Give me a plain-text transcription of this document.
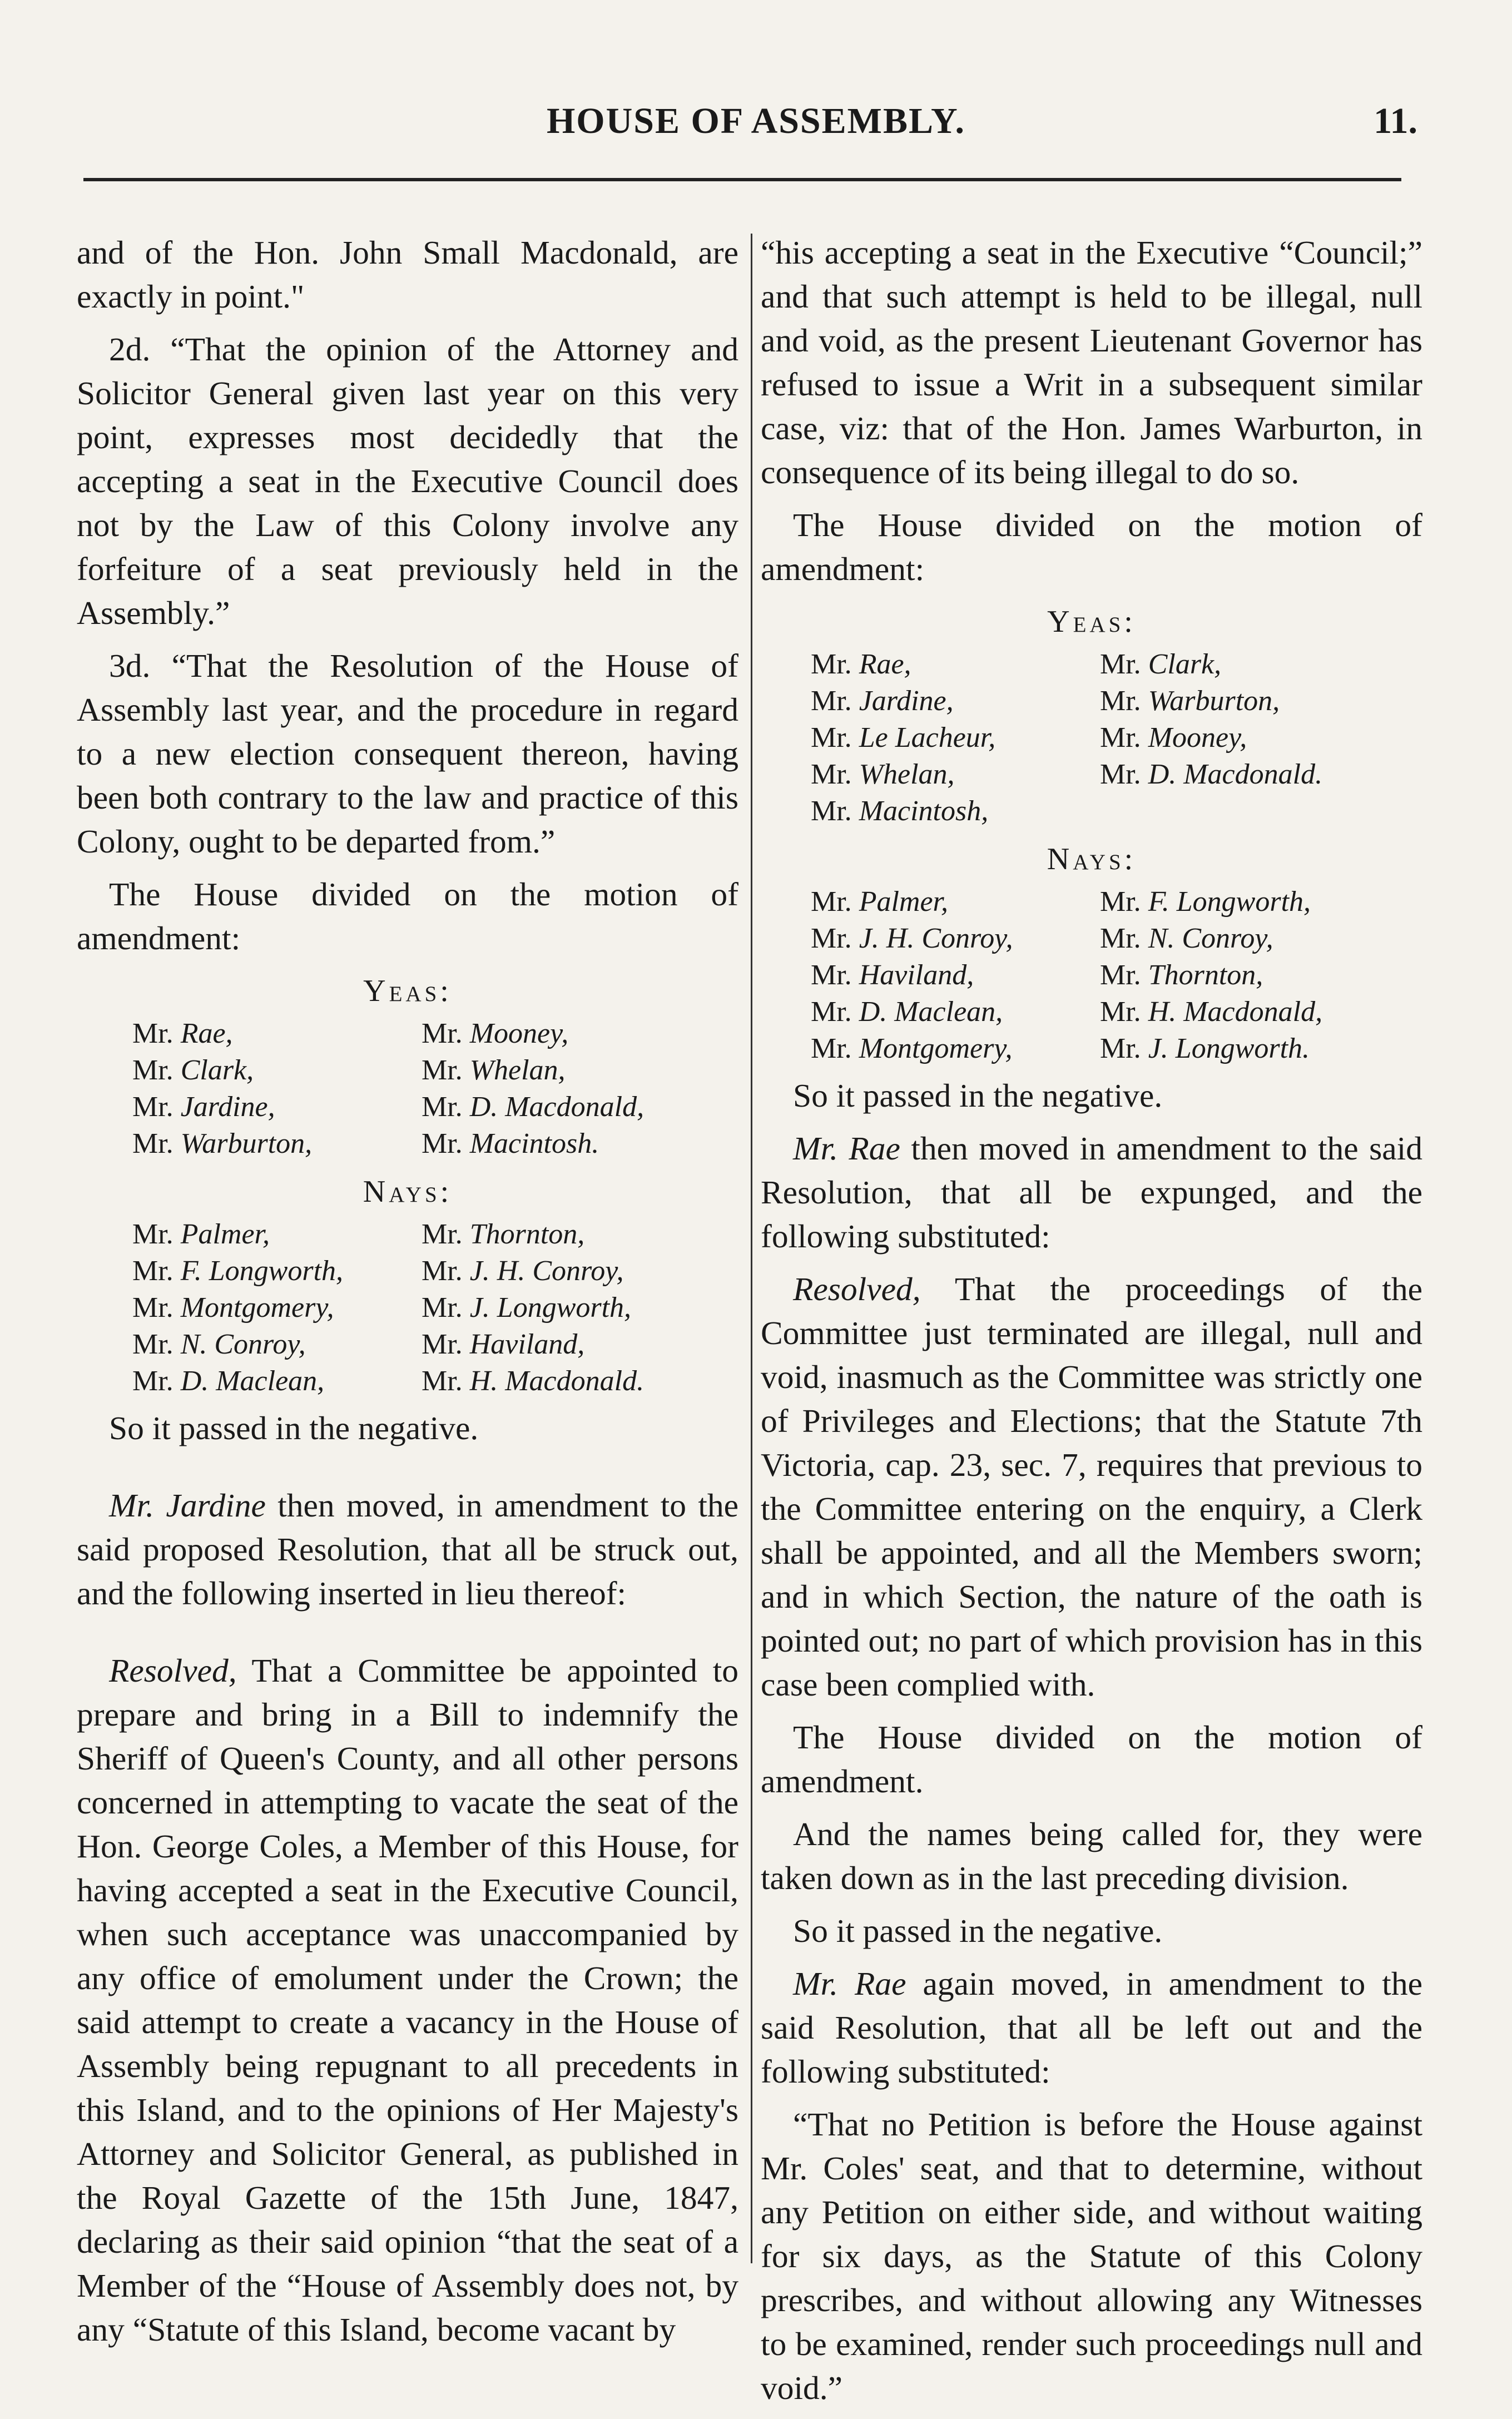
HOUSE OF ASSEMBLY.	11.

and of the Hon. John Small Macdonald, are exactly in point."

2d. “That the opinion of the Attorney and Solicitor General given last year on this very point, expresses most decidedly that the accepting a seat in the Executive Council does not by the Law of this Colony involve any forfeiture of a seat previously held in the Assembly.”

3d. “That the Resolution of the House of Assembly last year, and the procedure in regard to a new election consequent thereon, having been both contrary to the law and practice of this Colony, ought to be departed from.”

The House divided on the motion of amendment:

Yeas:
Mr. Rae,	Mr. Mooney,
Mr. Clark,	Mr. Whelan,
Mr. Jardine,	Mr. D. Macdonald,
Mr. Warburton,	Mr. Macintosh.
Nays:
Mr. Palmer,	Mr. Thornton,
Mr. F. Longworth,	Mr. J. H. Conroy,
Mr. Montgomery,	Mr. J. Longworth,
Mr. N. Conroy,	Mr. Haviland,
Mr. D. Maclean,	Mr. H. Macdonald.

So it passed in the negative.

Mr. Jardine then moved, in amendment to the said proposed Resolution, that all be struck out, and the following inserted in lieu thereof:

Resolved, That a Committee be appointed to prepare and bring in a Bill to indemnify the Sheriff of Queen's County, and all other persons concerned in attempting to vacate the seat of the Hon. George Coles, a Member of this House, for having accepted a seat in the Executive Council, when such acceptance was unaccompanied by any office of emolument under the Crown; the said attempt to create a vacancy in the House of Assembly being repugnant to all precedents in this Island, and to the opinions of Her Majesty's Attorney and Solicitor General, as published in the Royal Gazette of the 15th June, 1847, declaring as their said opinion “that the seat of a Member of the “House of Assembly does not, by any “Statute of this Island, become vacant by

“his accepting a seat in the Executive “Council;” and that such attempt is held to be illegal, null and void, as the present Lieutenant Governor has refused to issue a Writ in a subsequent similar case, viz: that of the Hon. James Warburton, in consequence of its being illegal to do so.

The House divided on the motion of amendment:

Yeas:
Mr. Rae,	Mr. Clark,
Mr. Jardine,	Mr. Warburton,
Mr. Le Lacheur,	Mr. Mooney,
Mr. Whelan,	Mr. D. Macdonald.
Mr. Macintosh,
Nays:
Mr. Palmer,	Mr. F. Longworth,
Mr. J. H. Conroy,	Mr. N. Conroy,
Mr. Haviland,	Mr. Thornton,
Mr. D. Maclean,	Mr. H. Macdonald,
Mr. Montgomery,	Mr. J. Longworth.

So it passed in the negative.

Mr. Rae then moved in amendment to the said Resolution, that all be expunged, and the following substituted:

Resolved, That the proceedings of the Committee just terminated are illegal, null and void, inasmuch as the Committee was strictly one of Privileges and Elections; that the Statute 7th Victoria, cap. 23, sec. 7, requires that previous to the Committee entering on the enquiry, a Clerk shall be appointed, and all the Members sworn; and in which Section, the nature of the oath is pointed out; no part of which provision has in this case been complied with.

The House divided on the motion of amendment.

And the names being called for, they were taken down as in the last preceding division.

So it passed in the negative.

Mr. Rae again moved, in amendment to the said Resolution, that all be left out and the following substituted:

“That no Petition is before the House against Mr. Coles' seat, and that to determine, without any Petition on either side, and without waiting for six days, as the Statute of this Colony prescribes, and without allowing any Witnesses to be examined, render such proceedings null and void.”
